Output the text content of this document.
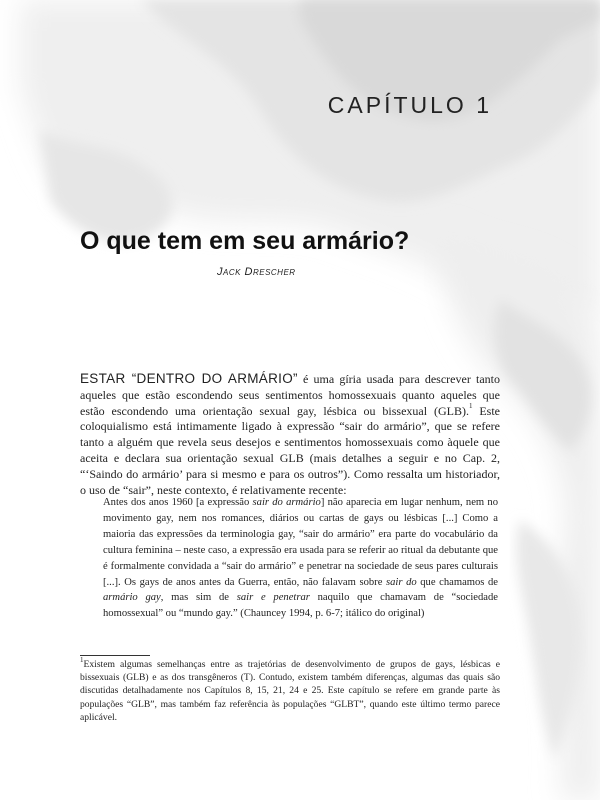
CAPÍTULO 1
O que tem em seu armário?
Jack Drescher
ESTAR “DENTRO DO ARMÁRIO” é uma gíria usada para descrever tanto aqueles que estão escondendo seus sentimentos homossexuais quanto aqueles que estão escondendo uma orientação sexual gay, lésbica ou bissexual (GLB).$^1$ Este coloquialismo está intimamente ligado à expressão “sair do armário”, que se refere tanto a alguém que revela seus desejos e sentimentos homossexuais como àquele que aceita e declara sua orientação sexual GLB (mais detalhes a seguir e no Cap. 2, “‘Saindo do armário’ para si mesmo e para os outros”). Como ressalta um historiador, o uso de “sair”, neste contexto, é relativamente recente:
Antes dos anos 1960 [a expressão sair do armário] não aparecia em lugar nenhum, nem no movimento gay, nem nos romances, diários ou cartas de gays ou lésbicas [...] Como a maioria das expressões da terminologia gay, “sair do armário” era parte do vocabulário da cultura feminina – neste caso, a expressão era usada para se referir ao ritual da debutante que é formalmente convidada a “sair do armário” e penetrar na sociedade de seus pares culturais [...]. Os gays de anos antes da Guerra, então, não falavam sobre sair do que chamamos de armário gay, mas sim de sair e penetrar naquilo que chamavam de “sociedade homossexual” ou “mundo gay.” (Chauncey 1994, p. 6-7; itálico do original)
$^1$Existem algumas semelhanças entre as trajetórias de desenvolvimento de grupos de gays, lésbicas e bissexuais (GLB) e as dos transgêneros (T). Contudo, existem também diferenças, algumas das quais são discutidas detalhadamente nos Capítulos 8, 15, 21, 24 e 25. Este capítulo se refere em grande parte às populações “GLB”, mas também faz referência às populações “GLBT”, quando este último termo parece aplicável.
